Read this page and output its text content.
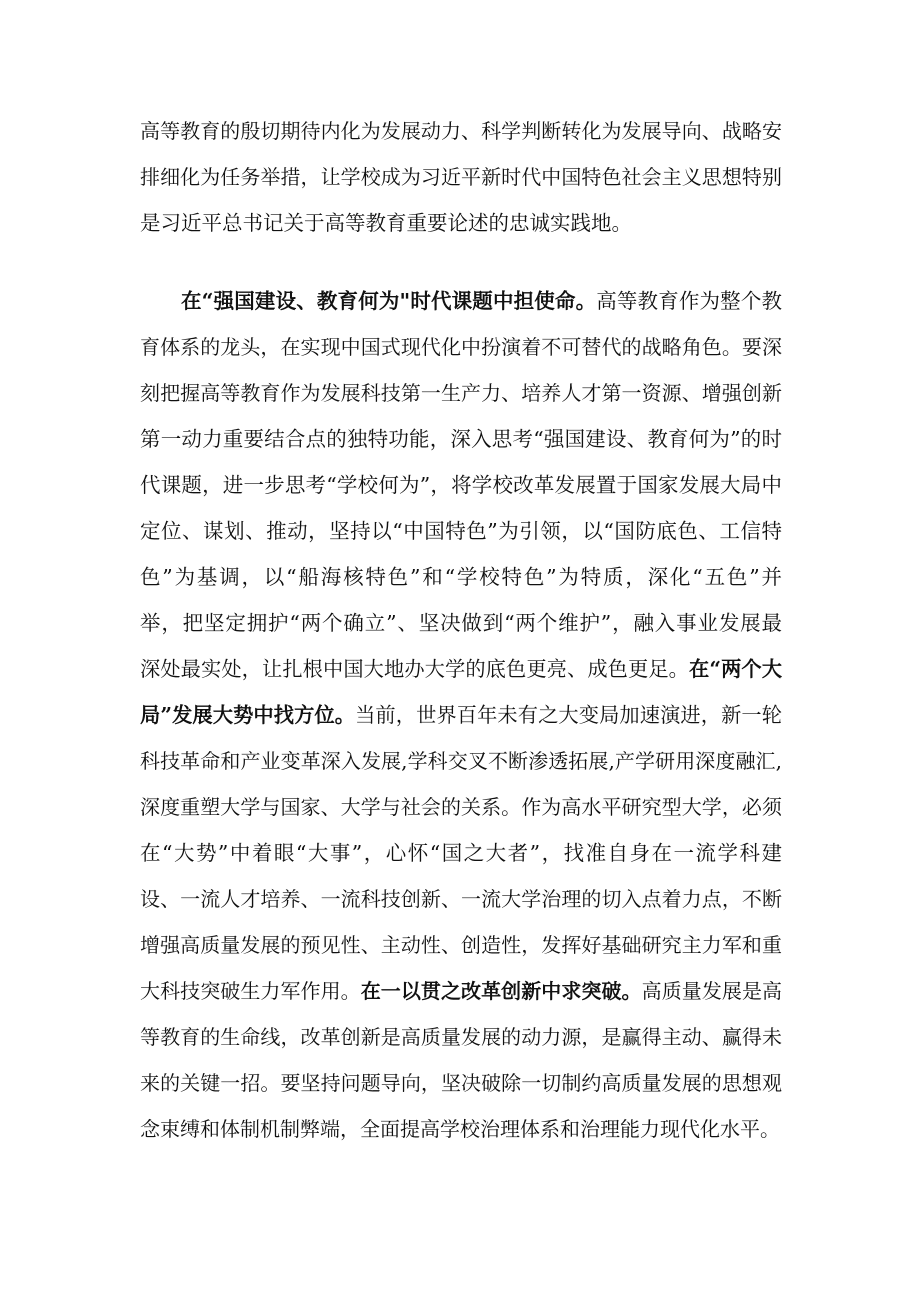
高等教育的殷切期待内化为发展动力、科学判断转化为发展导向、战略安
排细化为任务举措，让学校成为习近平新时代中国特色社会主义思想特别
是习近平总书记关于高等教育重要论述的忠诚实践地。
在“强国建设、教育何为"时代课题中担使命。高等教育作为整个教
育体系的龙头，在实现中国式现代化中扮演着不可替代的战略角色。要深
刻把握高等教育作为发展科技第一生产力、培养人才第一资源、增强创新
第一动力重要结合点的独特功能，深入思考“强国建设、教育何为”的时
代课题，进一步思考“学校何为”，将学校改革发展置于国家发展大局中
定位、谋划、推动，坚持以“中国特色”为引领，以“国防底色、工信特
色”为基调，以“船海核特色”和“学校特色”为特质，深化“五色”并
举，把坚定拥护“两个确立”、坚决做到“两个维护”，融入事业发展最
深处最实处，让扎根中国大地办大学的底色更亮、成色更足。在“两个大
局”发展大势中找方位。当前，世界百年未有之大变局加速演进，新一轮
科技革命和产业变革深入发展,学科交叉不断渗透拓展,产学研用深度融汇,
深度重塑大学与国家、大学与社会的关系。作为高水平研究型大学，必须
在“大势”中着眼“大事”，心怀“国之大者”，找准自身在一流学科建
设、一流人才培养、一流科技创新、一流大学治理的切入点着力点，不断
增强高质量发展的预见性、主动性、创造性，发挥好基础研究主力军和重
大科技突破生力军作用。在一以贯之改革创新中求突破。高质量发展是高
等教育的生命线，改革创新是高质量发展的动力源，是赢得主动、赢得未
来的关键一招。要坚持问题导向，坚决破除一切制约高质量发展的思想观
念束缚和体制机制弊端，全面提高学校治理体系和治理能力现代化水平。
